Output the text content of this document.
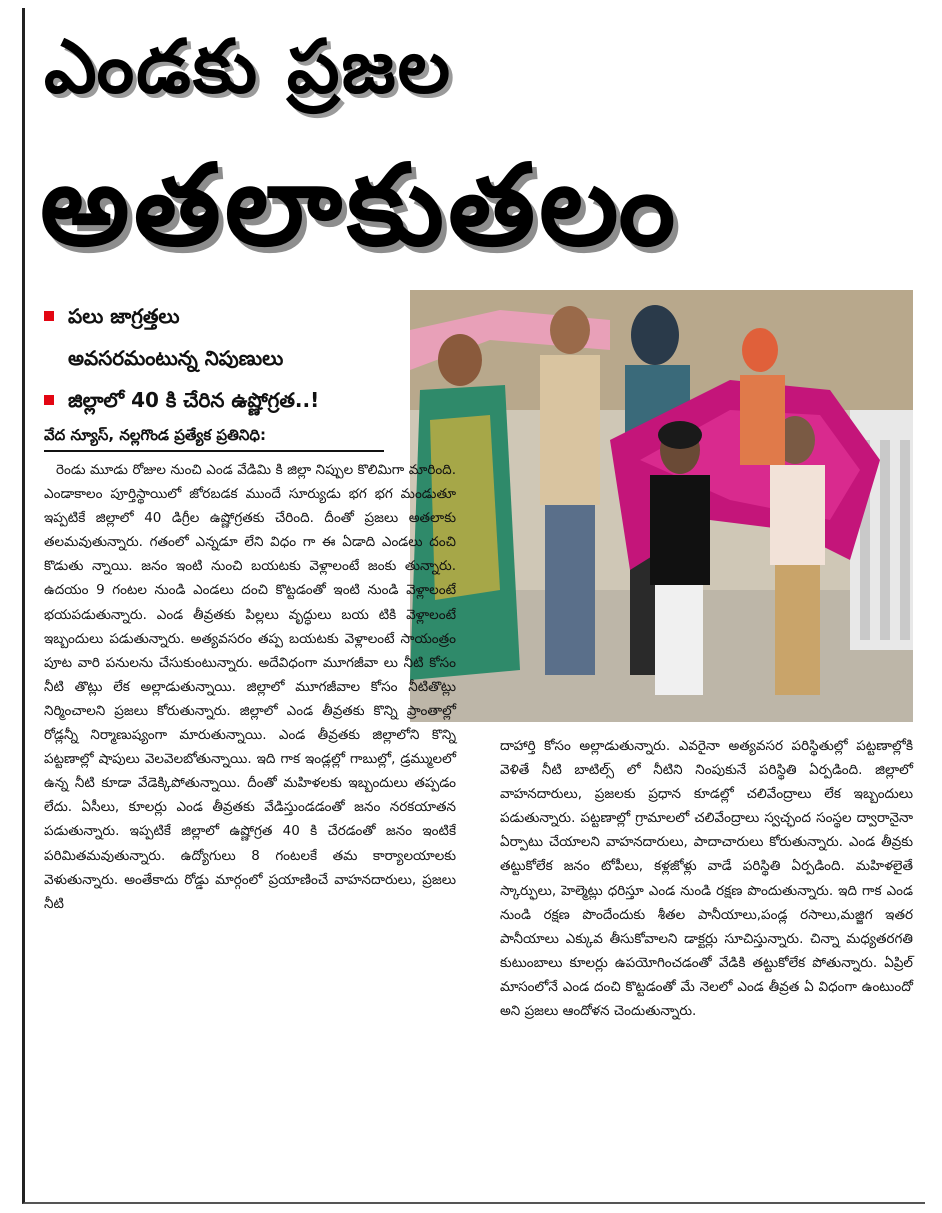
ఎండకు ప్రజల
అతలాకుతలం
పలు జాగ్రత్తలు
అవసరమంటున్న నిపుణులు
జిల్లాలో 40 కి చేరిన ఉష్ణోగ్రత..!
వేద న్యూస్, నల్లగొండ ప్రత్యేక ప్రతినిధి:

రెండు మూడు రోజుల నుంచి ఎండ వేడిమి కి జిల్లా నిప్పుల కొలిమిగా మారింది. ఎండాకాలం పూర్తిస్థాయిలో జోరబడక ముందే సూర్యుడు భగ భగ మండుతూ ఇప్పటికే జిల్లాలో 40 డిగ్రీల ఉష్ణోగ్రతకు చేరింది. దీంతో ప్రజలు అతలాకు తలమవుతున్నారు. గతంలో ఎన్నడూ లేని విధం గా ఈ ఏడాది ఎండలు దంచి కొడుతు న్నాయి. జనం ఇంటి నుంచి బయటకు వెళ్లాలంటే జంకు తున్నారు. ఉదయం 9 గంటల నుండి ఎండలు దంచి కొట్టడంతో ఇంటి నుండి వెళ్లాలంటే భయపడుతున్నారు. ఎండ తీవ్రతకు పిల్లలు వృద్ధులు బయ టికి వెళ్లాలంటే ఇబ్బందులు పడుతున్నారు. అత్యవసరం తప్ప బయటకు వెళ్లాలంటే సాయంత్రం పూట వారి పనులను చేసుకుంటున్నారు. అదేవిధంగా మూగజీవా లు నీటి కోసం నీటి తొట్లు లేక అల్లాడుతున్నాయి. జిల్లాలో మూగజీవాల కోసం నీటితొట్లు నిర్మించాలని ప్రజలు కోరుతున్నారు. జిల్లాలో ఎండ తీవ్రతకు కొన్ని ప్రాంతాల్లో రోడ్లన్నీ నిర్మాణుష్యంగా మారుతున్నాయి. ఎండ తీవ్రతకు జిల్లాలోని కొన్ని పట్టణాల్లో షాపులు వెలవెలబోతున్నాయి. ఇది గాక ఇండ్లల్లో గాబుల్లో, డ్రమ్ములలో ఉన్న నీటి కూడా వేడెక్కిపోతున్నాయి. దీంతో మహిళలకు ఇబ్బందులు తప్పడం లేదు. ఏసీలు, కూలర్లు ఎండ తీవ్రతకు వేడిస్తుండడంతో జనం నరకయాతన పడుతున్నారు. ఇప్పటికే జిల్లాలో ఉష్ణోగ్రత 40 కి చేరడంతో జనం ఇంటికే పరిమితమవుతున్నారు. ఉద్యోగులు 8 గంటలకే తమ కార్యాలయాలకు వెళుతున్నారు. అంతేకాదు రోడ్డు మార్గంలో ప్రయాణించే వాహనదారులు, ప్రజలు నీటి

దాహార్తి కోసం అల్లాడుతున్నారు. ఎవరైనా అత్యవసర పరిస్థితుల్లో పట్టణాల్లోకి వెళితే నీటి బాటిల్స్ లో నీటిని నింపుకునే పరిస్థితి ఏర్పడింది. జిల్లాలో వాహనదారులు, ప్రజలకు ప్రధాన కూడల్లో చలివేంద్రాలు లేక ఇబ్బందులు పడుతున్నారు. పట్టణాల్లో గ్రామాలలో చలివేంద్రాలు స్వచ్ఛంద సంస్థల ద్వారానైనా ఏర్పాటు చేయాలని వాహనదారులు, పాదాచారులు కోరుతున్నారు. ఎండ తీవ్రకు తట్టుకోలేక జనం టోపీలు, కళ్లజోళ్లు వాడే పరిస్థితి ఏర్పడింది. మహిళలైతే స్కార్ఫులు, హెల్మెట్లు ధరిస్తూ ఎండ నుండి రక్షణ పొందుతున్నారు. ఇది గాక ఎండ నుండి రక్షణ పొందేందుకు శీతల పానీయాలు,పండ్ల రసాలు,మజ్జిగ ఇతర పానీయాలు ఎక్కువ తీసుకోవాలని డాక్టర్లు సూచిస్తున్నారు. చిన్నా మధ్యతరగతి కుటుంబాలు కూలర్లు ఉపయోగించడంతో వేడికి తట్టుకోలేక పోతున్నారు. ఏప్రిల్ మాసంలోనే ఎండ దంచి కొట్టడంతో మే నెలలో ఎండ తీవ్రత ఏ విధంగా ఉంటుందో అని ప్రజలు ఆందోళన చెందుతున్నారు.
